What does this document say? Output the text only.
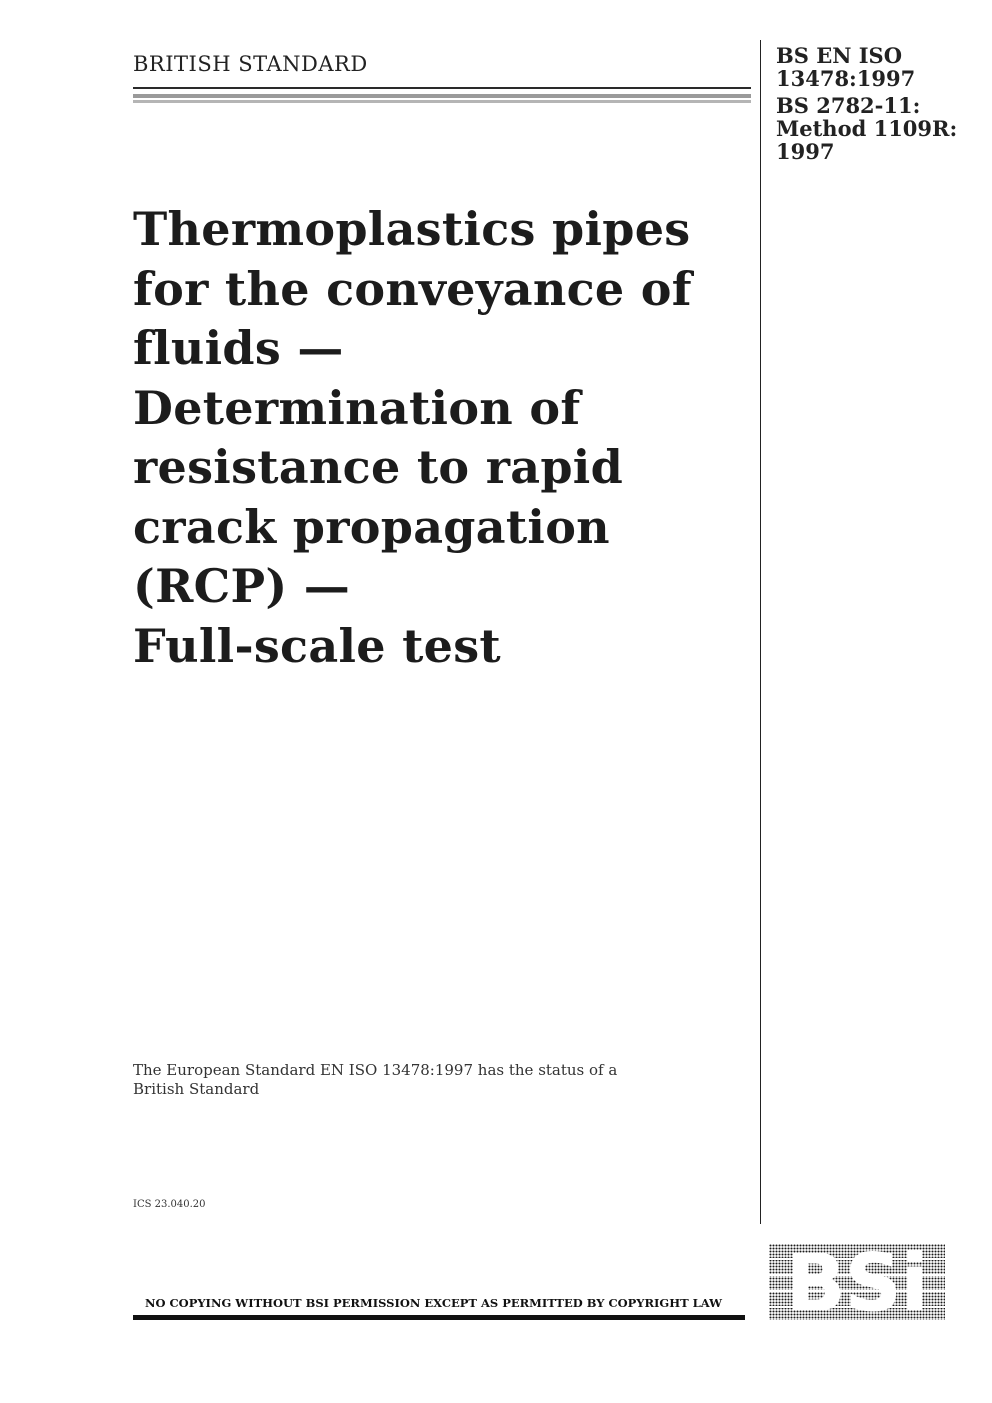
BRITISH STANDARD	BS EN ISO
13478:1997
BS 2782-11:
Method 1109R:
1997
Thermoplastics pipes
for the conveyance of
fluids —
Determination of
resistance to rapid
crack propagation
(RCP) —
Full-scale test
The European Standard EN ISO 13478:1997 has the status of a
British Standard
ICS 23.040.20
NO COPYING WITHOUT BSI PERMISSION EXCEPT AS PERMITTED BY COPYRIGHT LAW BSi
